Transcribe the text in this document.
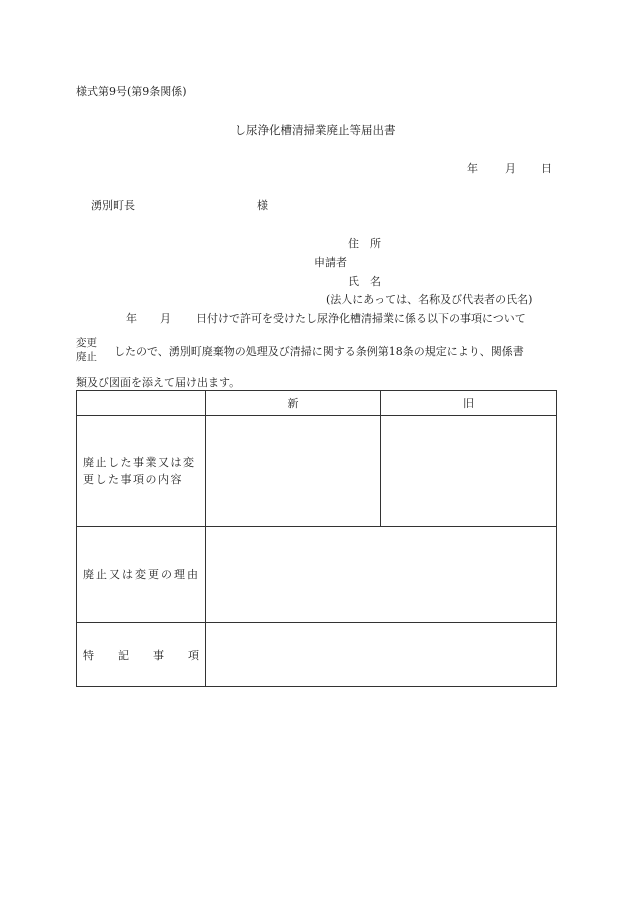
様式第9号(第9条関係)
し尿浄化槽清掃業廃止等届出書
年 月 日
湧別町長	様
住　所
申請者
氏　名
(法人にあっては、名称及び代表者の氏名)
年 月 日付けで許可を受けたし尿浄化槽清掃業に係る以下の事項について
変更
廃止 したので、湧別町廃棄物の処理及び清掃に関する条例第18条の規定により、関係書
類及び図面を添えて届け出ます。
	新	旧
廃止した事業又は変更した事項の内容		
廃止又は変更の理由		

特 記 事 項		
